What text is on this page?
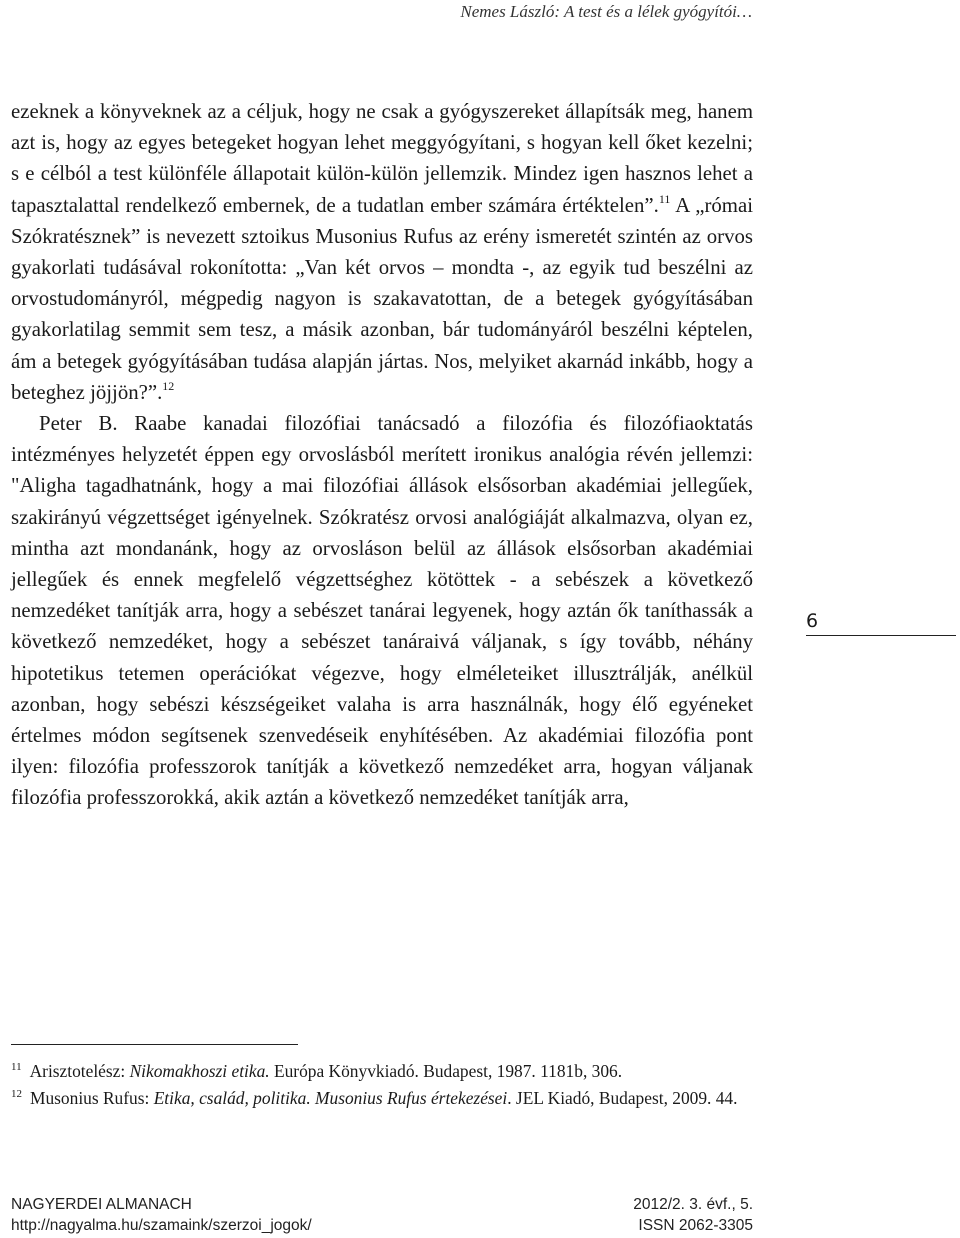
Nemes László: A test és a lélek gyógyítói…

ezeknek a könyveknek az a céljuk, hogy ne csak a gyógyszereket állapítsák meg, hanem azt is, hogy az egyes betegeket hogyan lehet meggyógyítani, s hogyan kell őket kezelni; s e célból a test különféle állapotait külön-külön jellemzik. Mindez igen hasznos lehet a tapasztalattal rendelkező embernek, de a tudatlan ember számára értéktelen”.$^{11}$ A „római Szókratésznek” is nevezett sztoikus Musonius Rufus az erény ismeretét szintén az orvos gyakorlati tudásával rokonította: „Van két orvos – mondta -, az egyik tud beszélni az orvostudományról, mégpedig nagyon is szakavatottan, de a betegek gyógyításában gyakorlatilag semmit sem tesz, a másik azonban, bár tudományáról beszélni képtelen, ám a betegek gyógyításában tudása alapján jártas. Nos, melyiket akarnád inkább, hogy a beteghez jöjjön?”.$^{12}$

Peter B. Raabe kanadai filozófiai tanácsadó a filozófia és filozófiaoktatás intézményes helyzetét éppen egy orvoslásból merített ironikus analógia révén jellemzi: "Aligha tagadhatnánk, hogy a mai filozófiai állások elsősorban akadémiai jellegűek, szakirányú végzettséget igényelnek. Szókratész orvosi analógiáját alkalmazva, olyan ez, mintha azt mondanánk, hogy az orvosláson belül az állások elsősorban akadémiai jellegűek és ennek megfelelő végzettséghez kötöttek - a sebészek a következő nemzedéket tanítják arra, hogy a sebészet tanárai legyenek, hogy aztán ők taníthassák a következő nemzedéket, hogy a sebészet tanáraivá váljanak, s így tovább, néhány hipotetikus tetemen operációkat végezve, hogy elméleteiket illusztrálják, anélkül azonban, hogy sebészi készségeiket valaha is arra használnák, hogy élő egyéneket értelmes módon segítsenek szenvedéseik enyhítésében. Az akadémiai filozófia pont ilyen: filozófia professzorok tanítják a következő nemzedéket arra, hogyan váljanak filozófia professzorokká, akik aztán a következő nemzedéket tanítják arra,

6

$^{11}$ Arisztotelész: Nikomakhoszi etika. Európa Könyvkiadó. Budapest, 1987. 1181b, 306.

$^{12}$ Musonius Rufus: Etika, család, politika. Musonius Rufus értekezései. JEL Kiadó, Budapest, 2009. 44.

NAGYERDEI ALMANACH	2012/2. 3. évf., 5.
http://nagyalma.hu/szamaink/szerzoi_jogok/	ISSN 2062-3305
